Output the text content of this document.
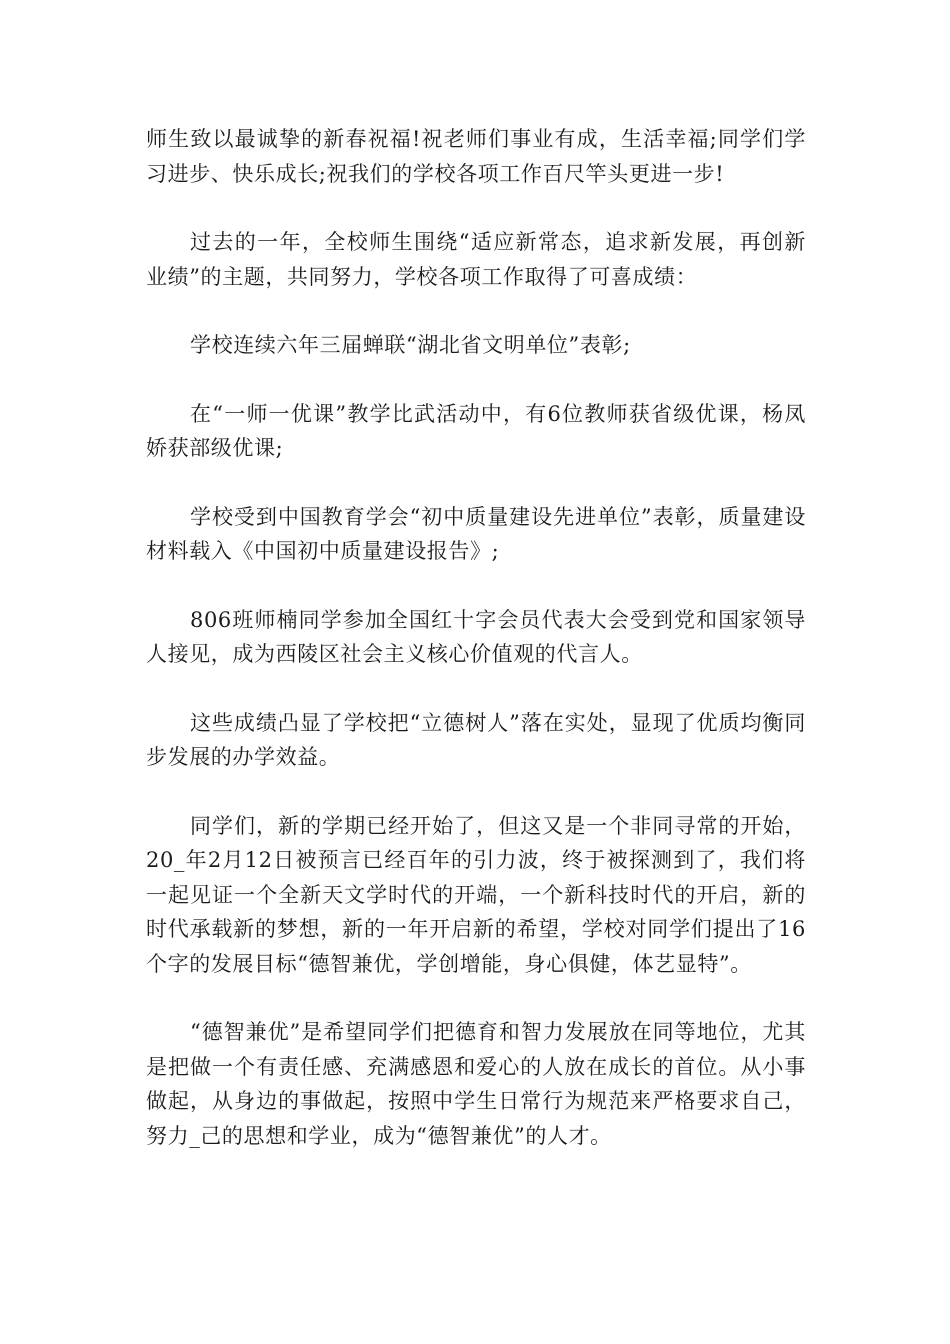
师生致以最诚挚的新春祝福!祝老师们事业有成，生活幸福;同学们学习进步、快乐成长;祝我们的学校各项工作百尺竿头更进一步!

过去的一年，全校师生围绕“适应新常态，追求新发展，再创新业绩”的主题，共同努力，学校各项工作取得了可喜成绩：

学校连续六年三届蝉联“湖北省文明单位”表彰;

在“一师一优课”教学比武活动中，有6位教师获省级优课，杨凤娇获部级优课;

学校受到中国教育学会“初中质量建设先进单位”表彰，质量建设材料载入《中国初中质量建设报告》;

806班师楠同学参加全国红十字会员代表大会受到党和国家领导人接见，成为西陵区社会主义核心价值观的代言人。

这些成绩凸显了学校把“立德树人”落在实处，显现了优质均衡同步发展的办学效益。

同学们，新的学期已经开始了，但这又是一个非同寻常的开始，20_年2月12日被预言已经百年的引力波，终于被探测到了，我们将一起见证一个全新天文学时代的开端，一个新科技时代的开启，新的时代承载新的梦想，新的一年开启新的希望，学校对同学们提出了16个字的发展目标“德智兼优，学创增能，身心俱健，体艺显特”。

“德智兼优”是希望同学们把德育和智力发展放在同等地位，尤其是把做一个有责任感、充满感恩和爱心的人放在成长的首位。从小事做起，从身边的事做起，按照中学生日常行为规范来严格要求自己，努力_己的思想和学业，成为“德智兼优”的人才。
